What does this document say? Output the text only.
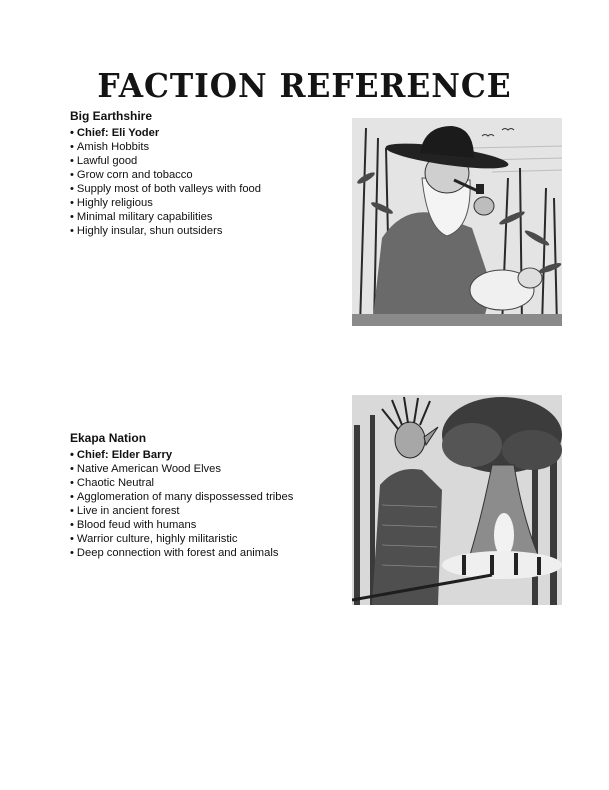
FACTION REFERENCE
Big Earthshire
• Chief: Eli Yoder
• Amish Hobbits
• Lawful good
• Grow corn and tobacco
• Supply most of both valleys with food
• Highly religious
• Minimal military capabilities
• Highly insular, shun outsiders
Ekapa Nation
• Chief: Elder Barry
• Native American Wood Elves
• Chaotic Neutral
• Agglomeration of many dispossessed tribes
• Live in ancient forest
• Blood feud with humans
• Warrior culture, highly militaristic
• Deep connection with forest and animals
